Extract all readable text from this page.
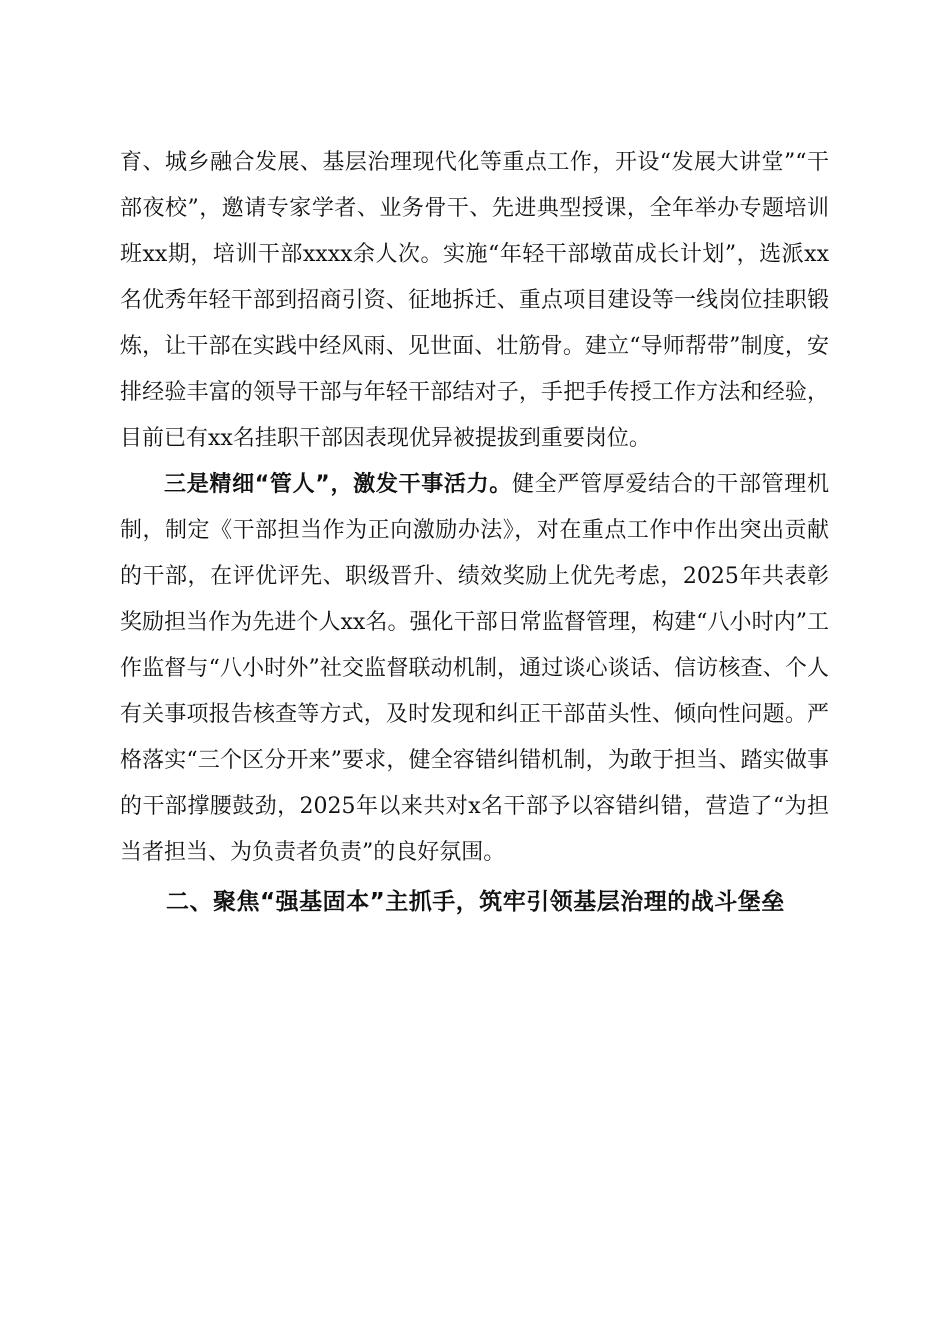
育、城乡融合发展、基层治理现代化等重点工作，开设“发展大讲堂”“干部夜校”，邀请专家学者、业务骨干、先进典型授课，全年举办专题培训班xx期，培训干部xxxx余人次。实施“年轻干部墩苗成长计划”，选派xx名优秀年轻干部到招商引资、征地拆迁、重点项目建设等一线岗位挂职锻炼，让干部在实践中经风雨、见世面、壮筋骨。建立“导师帮带”制度，安排经验丰富的领导干部与年轻干部结对子，手把手传授工作方法和经验，目前已有xx名挂职干部因表现优异被提拔到重要岗位。

三是精细“管人”，激发干事活力。健全严管厚爱结合的干部管理机制，制定《干部担当作为正向激励办法》，对在重点工作中作出突出贡献的干部，在评优评先、职级晋升、绩效奖励上优先考虑，2025年共表彰奖励担当作为先进个人xx名。强化干部日常监督管理，构建“八小时内”工作监督与“八小时外”社交监督联动机制，通过谈心谈话、信访核查、个人有关事项报告核查等方式，及时发现和纠正干部苗头性、倾向性问题。严格落实“三个区分开来”要求，健全容错纠错机制，为敢于担当、踏实做事的干部撑腰鼓劲，2025年以来共对x名干部予以容错纠错，营造了“为担当者担当、为负责者负责”的良好氛围。

二、聚焦“强基固本”主抓手，筑牢引领基层治理的战斗堡垒
